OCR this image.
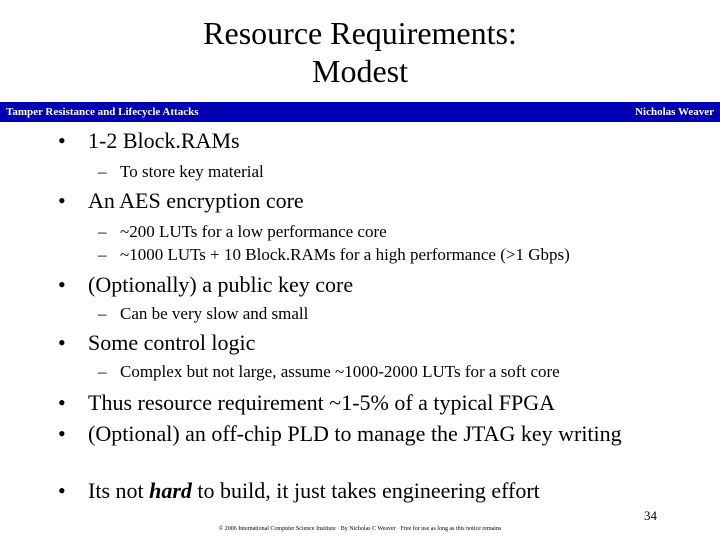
Resource Requirements:
Modest
Tamper Resistance and Lifecycle Attacks	Nicholas Weaver
• 1-2 Block.RAMs
– To store key material
• An AES encryption core
– ~200 LUTs for a low performance core
– ~1000 LUTs + 10 Block.RAMs for a high performance (>1 Gbps)
• (Optionally) a public key core
– Can be very slow and small
• Some control logic
– Complex but not large, assume ~1000-2000 LUTs for a soft core
• Thus resource requirement ~1-5% of a typical FPGA
• (Optional) an off-chip PLD to manage the JTAG key writing
• Its not hard to build, it just takes engineering effort
34
© 2006 International Computer Science Institute · By Nicholas C Weaver · Free for use as long as this notice remains
